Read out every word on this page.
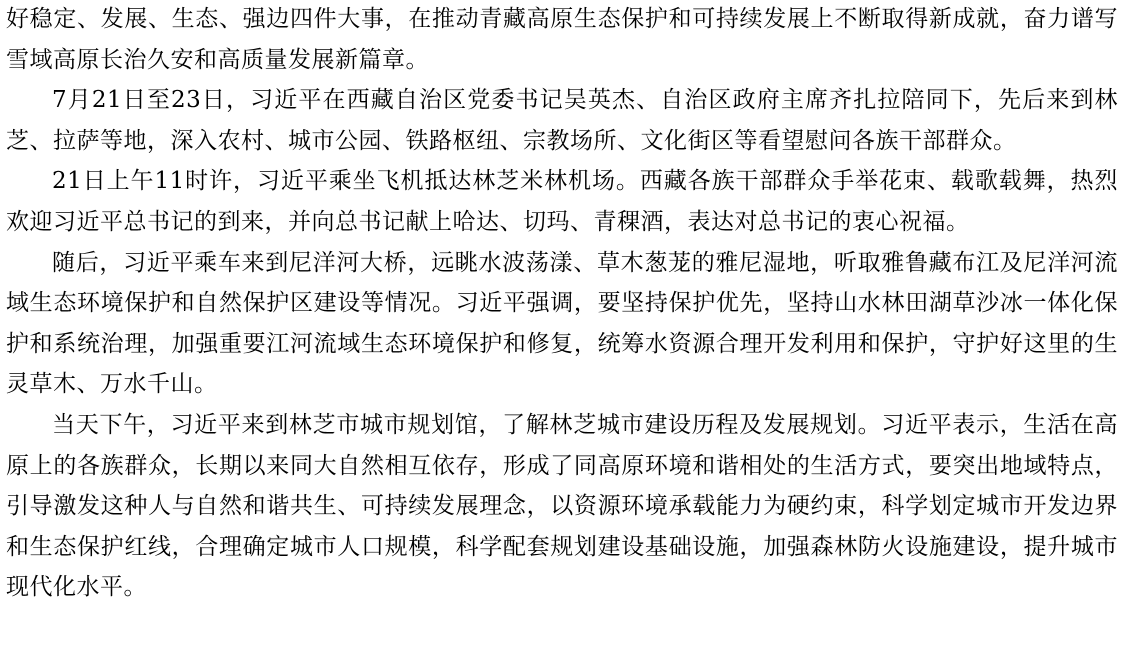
好稳定、发展、生态、强边四件大事，在推动青藏高原生态保护和可持续发展上不断取得新成就，奋力谱写雪域高原长治久安和高质量发展新篇章。

7月21日至23日，习近平在西藏自治区党委书记吴英杰、自治区政府主席齐扎拉陪同下，先后来到林芝、拉萨等地，深入农村、城市公园、铁路枢纽、宗教场所、文化街区等看望慰问各族干部群众。

21日上午11时许，习近平乘坐飞机抵达林芝米林机场。西藏各族干部群众手举花束、载歌载舞，热烈欢迎习近平总书记的到来，并向总书记献上哈达、切玛、青稞酒，表达对总书记的衷心祝福。

随后，习近平乘车来到尼洋河大桥，远眺水波荡漾、草木葱茏的雅尼湿地，听取雅鲁藏布江及尼洋河流域生态环境保护和自然保护区建设等情况。习近平强调，要坚持保护优先，坚持山水林田湖草沙冰一体化保护和系统治理，加强重要江河流域生态环境保护和修复，统筹水资源合理开发利用和保护，守护好这里的生灵草木、万水千山。

当天下午，习近平来到林芝市城市规划馆，了解林芝城市建设历程及发展规划。习近平表示，生活在高原上的各族群众，长期以来同大自然相互依存，形成了同高原环境和谐相处的生活方式，要突出地域特点，引导激发这种人与自然和谐共生、可持续发展理念，以资源环境承载能力为硬约束，科学划定城市开发边界和生态保护红线，合理确定城市人口规模，科学配套规划建设基础设施，加强森林防火设施建设，提升城市现代化水平。
